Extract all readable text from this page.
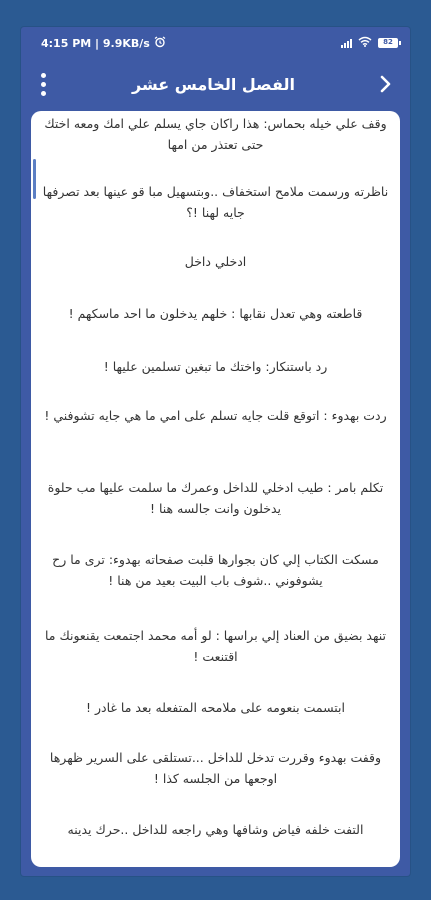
4:15 PM | 9.9KB/s	82
الفصل الخامس عشر
وقف علي خيله بحماس: هذا راكان جاي يسلم علي امك ومعه اختك حتى تعتذر من امها
ناظرته ورسمت ملامح استخفاف ..وبتسهيل مبا قو عينها بعد تصرفها جايه لهنا !؟
ادخلي داخل
قاطعته وهي تعدل نقابها : خلهم يدخلون ما احد ماسكهم !
رد باستنكار: واختك ما تبغين تسلمين عليها !
ردت بهدوء : اتوقع قلت جايه تسلم على امي ما هي جايه تشوفني !
تكلم بامر : طيب ادخلي للداخل وعمرك ما سلمت عليها مب حلوة يدخلون وانت جالسه هنا !
مسكت الكتاب إلي كان بجوارها قلبت صفحاته بهدوء: ترى ما رح يشوفوني ..شوف باب البيت بعيد من هنا !
تنهد بضيق من العناد إلي براسها : لو أمه محمد اجتمعت يقنعونك ما اقتنعت !
ابتسمت بنعومه على ملامحه المتفعله بعد ما غادر !
وقفت بهدوء وقررت تدخل للداخل ...تستلقى على السرير ظهرها اوجعها من الجلسه كذا !
التفت خلفه فياض وشافها وهي راجعه للداخل ..حرك يدينه
